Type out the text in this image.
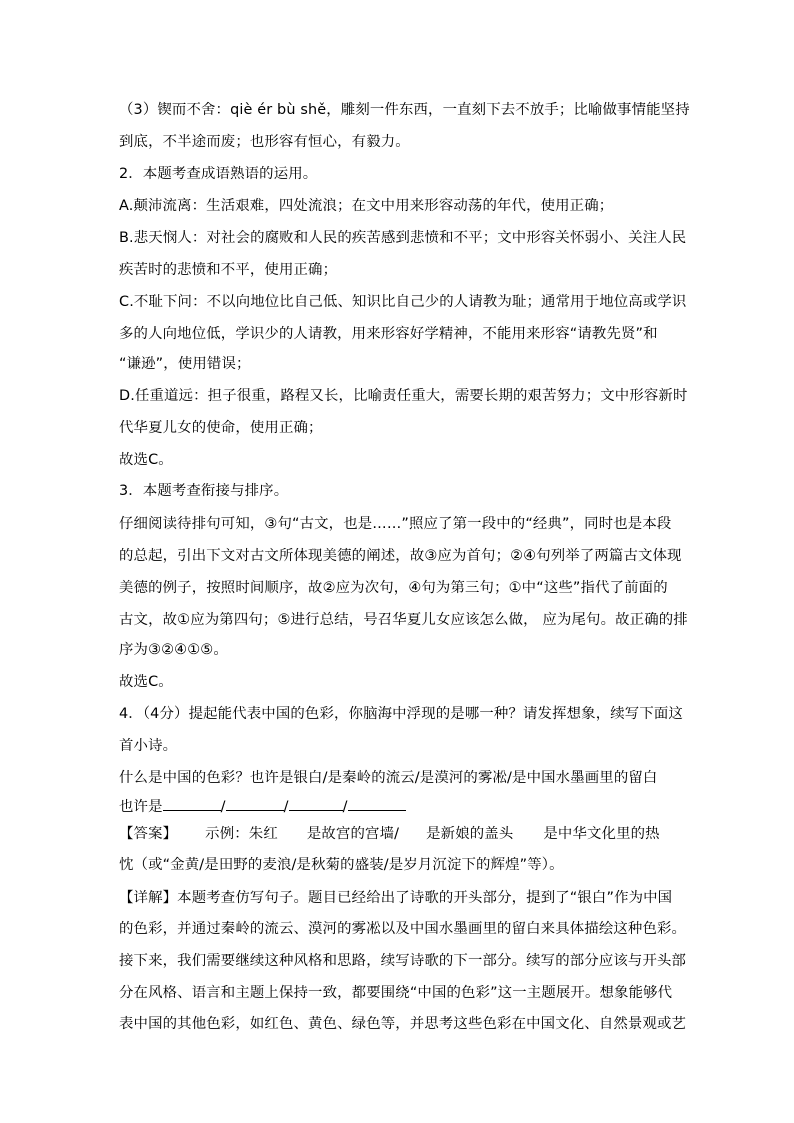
（3）锲而不舍：qiè ér bù shě，雕刻一件东西，一直刻下去不放手；比喻做事情能坚持
到底，不半途而废；也形容有恒心，有毅力。
2．本题考查成语熟语的运用。
A.颠沛流离：生活艰难，四处流浪；在文中用来形容动荡的年代，使用正确；
B.悲天悯人：对社会的腐败和人民的疾苦感到悲愤和不平；文中形容关怀弱小、关注人民
疾苦时的悲愤和不平，使用正确；
C.不耻下问：不以向地位比自己低、知识比自己少的人请教为耻；通常用于地位高或学识
多的人向地位低，学识少的人请教，用来形容好学精神，不能用来形容“请教先贤”和
“谦逊”，使用错误；
D.任重道远：担子很重，路程又长，比喻责任重大，需要长期的艰苦努力；文中形容新时
代华夏儿女的使命，使用正确；
故选C。
3．本题考查衔接与排序。
仔细阅读待排句可知，③句“古文，也是……”照应了第一段中的“经典”，同时也是本段
的总起，引出下文对古文所体现美德的阐述，故③应为首句；②④句列举了两篇古文体现
美德的例子，按照时间顺序，故②应为次句，④句为第三句；①中“这些”指代了前面的
古文，故①应为第四句；⑤进行总结，号召华夏儿女应该怎么做， 应为尾句。故正确的排
序为③②④①⑤。
故选C。
4．（4分）提起能代表中国的色彩，你脑海中浮现的是哪一种？请发挥想象，续写下面这
首小诗。
什么是中国的色彩？也许是银白/是秦岭的流云/是漠河的雾凇/是中国水墨画里的留白
也许是	/	/	/
【答案】 示例：朱红 是故宫的宫墙/ 是新娘的盖头 是中华文化里的热
忱（或“金黄/是田野的麦浪/是秋菊的盛装/是岁月沉淀下的辉煌”等）。
【详解】本题考查仿写句子。题目已经给出了诗歌的开头部分，提到了“银白”作为中国
的色彩，并通过秦岭的流云、漠河的雾凇以及中国水墨画里的留白来具体描绘这种色彩。
接下来，我们需要继续这种风格和思路，续写诗歌的下一部分。续写的部分应该与开头部
分在风格、语言和主题上保持一致，都要围绕“中国的色彩”这一主题展开。想象能够代
表中国的其他色彩，如红色、黄色、绿色等，并思考这些色彩在中国文化、自然景观或艺
